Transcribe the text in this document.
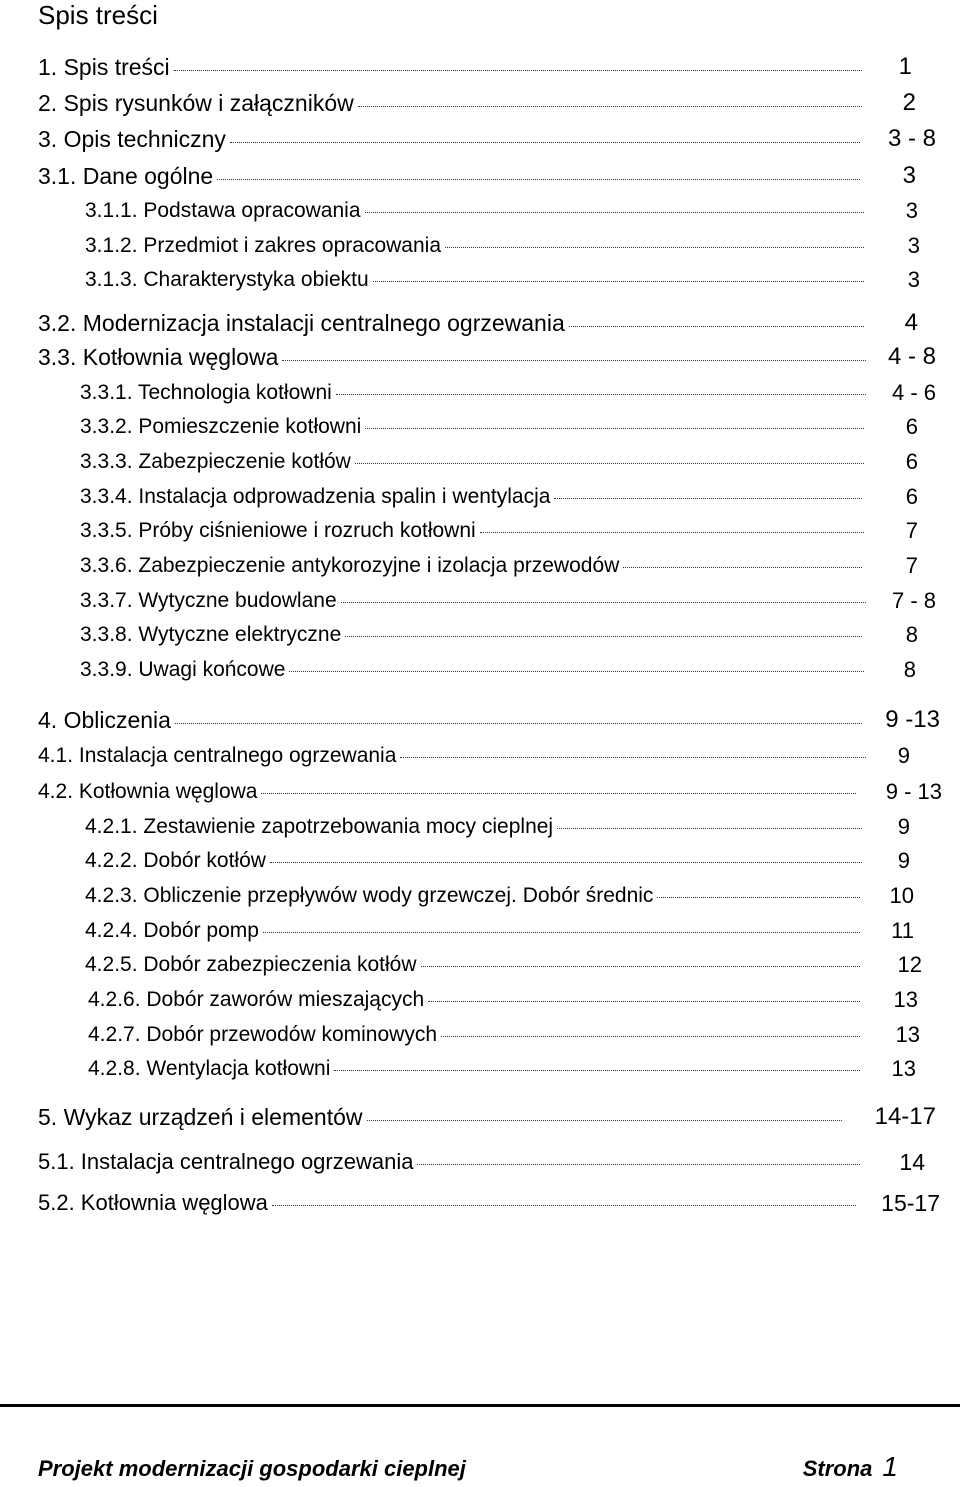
Spis treści
1. Spis treści	1
2. Spis rysunków i załączników	2
3. Opis techniczny	3 - 8
3.1. Dane ogólne	3
3.1.1. Podstawa opracowania	3
3.1.2. Przedmiot i zakres opracowania	3
3.1.3. Charakterystyka obiektu	3
3.2. Modernizacja instalacji centralnego ogrzewania	4
3.3. Kotłownia węglowa	4 - 8
3.3.1. Technologia kotłowni	4 - 6
3.3.2. Pomieszczenie kotłowni	6
3.3.3. Zabezpieczenie kotłów	6
3.3.4. Instalacja odprowadzenia spalin i wentylacja	6
3.3.5. Próby ciśnieniowe i rozruch kotłowni	7
3.3.6. Zabezpieczenie antykorozyjne i izolacja przewodów	7
3.3.7. Wytyczne budowlane	7 - 8
3.3.8. Wytyczne elektryczne	8
3.3.9. Uwagi końcowe	8
4. Obliczenia	9 -13
4.1. Instalacja centralnego ogrzewania	9
4.2. Kotłownia węglowa	9 - 13
4.2.1. Zestawienie zapotrzebowania mocy cieplnej	9
4.2.2. Dobór kotłów	9
4.2.3. Obliczenie przepływów wody grzewczej. Dobór średnic	10
4.2.4. Dobór pomp	11
4.2.5. Dobór zabezpieczenia kotłów	12
4.2.6. Dobór zaworów mieszających	13
4.2.7. Dobór przewodów kominowych	13
4.2.8. Wentylacja kotłowni	13
5. Wykaz urządzeń i elementów	14-17
5.1. Instalacja centralnego ogrzewania	14
5.2. Kotłownia węglowa	15-17
Projekt modernizacji gospodarki cieplnej	Strona 1
